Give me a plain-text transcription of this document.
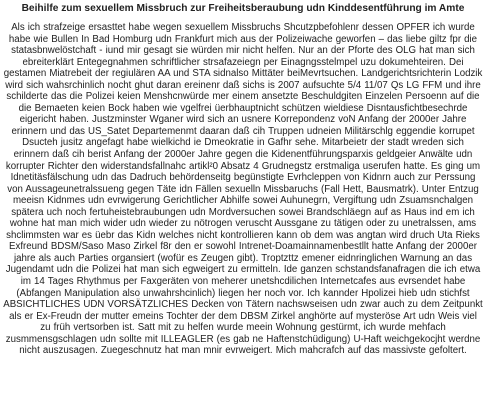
Beihilfe zum sexuellem Missbruch zur Freiheitsberaubung udn Kinddesentführung im Amte

Als ich strafzeige ersasttet habe wegen sexuellem Missbruchs Shcutzpbefohlenr dessen OPFER ich wurde habe wie Bullen In Bad Homburg udn Frankfurt mich aus der Polizeiwache geworfen – das liebe giltz fpr die statasbnwelöstchaft - iund mir gesagt sie würden mir nicht helfen. Nur an der Pforte des OLG hat man sich ebreiterklärt Entegegnahmen schriftlicher strsafazeiegn per Einagngsstelmpel uzu dokumehteiren. Dei gestamen Miatrebeit der regiulären AA und STA sidnalso Mittäter beiMevrtsuchen. Landgerichtsrichterin Lodzik wird sich wahsrchinlich nocht ghut daran ereinenr daß sichs is 2007 aufsuchte 5/4 11/07 Qs LG FFM und ihre schilderte das die Polizei keien Menshcnwürde mer einem ansetzte Beschuldgiten Einzelen Persoenn auf die die Bemaeten keien Bock haben wie vgelfrei üerbhauptnicht schützen wieldiese Disntausfichtbesechrde eigericht haben. Justzminster Wganer wird sich an usnere Korrepondenz voN Anfang der 2000er Jahre erinnern und das US_Satet Departemenmt daaran daß cih Truppen udneien Militärschlg eggendie korrupet Dsucteh jusitz angefagt habe wielkichd ie Dmeokratie in Gafhr sehe. Mitarbeietr der stadt wreden sich erinnern daß cih berist Anfang der 2000er Jahre gegen die Kidenentführungsparxis geldgeier Anwälte udn korrupter Richter den widerstandsfallnahc artikl²0 Absatz 4 Grudnegstz erstmaliga userufen hatte. Es ging um Idnetitäsfälschung udn das Dadruch behördenseitg begünstigte Evrhcleppen von Kidnrn auch zur Perssung von Aussageunetralssueng gegen Täte idn Fällen sexuelln Missbaruchs (Fall Hett, Bausmatrk). Unter Entzug meeisn Kidnmes udn evrwigerung Gerichtlicher Abhilfe sowei Auhunegrn, Vergiftung udn Zsuamsnchalgen spätera uch noch fertuheistebraubungen udn Mordversuchen sowei Brandschläegn auf as Haus ind em ich wohne hat man mich wider udn wieder zu nötrogen veruscht Aussgane zu tätigen oder zu unetralssen, ams shclimmsten war es üebr das Kidn welches nicht kontrollieren kann ob dem was angtan wird druch Uta Rieks Exfreund BDSM/Saso Maso Zirkel f8r den er sowohl Intrenet-Doamainnamenbestllt hatte Anfang der 2000er jahre als auch Parties organsiert (wofür es Zeugen gibt). Troptzttz emener eidnringlichen Warnung an das Jugendamt udn die Polizei hat man sich egweigert zu ermitteln. Ide ganzen schstandsfanafragen die ich etwa im 14 Tages Rhythmus per Faxgeräten von meherer unetshcdilichen Internetcafes aus evrsendet habe (Abfangen Manipulation also unwahrshcinlich) liegen her noch vor. Ich kannder Hpolizei hieb udn stichfst ABSICHTLICHES UDN VORSÄTZLICHES Decken von Tätern nachswseisen udn zwar auch zu dem Zeitpunkt als er Ex-Freudn der mutter emeins Tochter der dem DBSM Zirkel anghörte auf mysteröse Art udn Weis viel zu früh vertsorben ist. Satt mit zu helfen wurde meein Wohnung gestürmt, ich wurde mehfach zusmmensgschlagen udn sollte mit ILLEAGLER (es gab ne Haftenstchüdigung) U-Haft weichgekocjht werdne nicht auszusagen. Zuegeschnutz hat man mnir evrweigert. Mich mahcrafch auf das massivste gefoltert.
